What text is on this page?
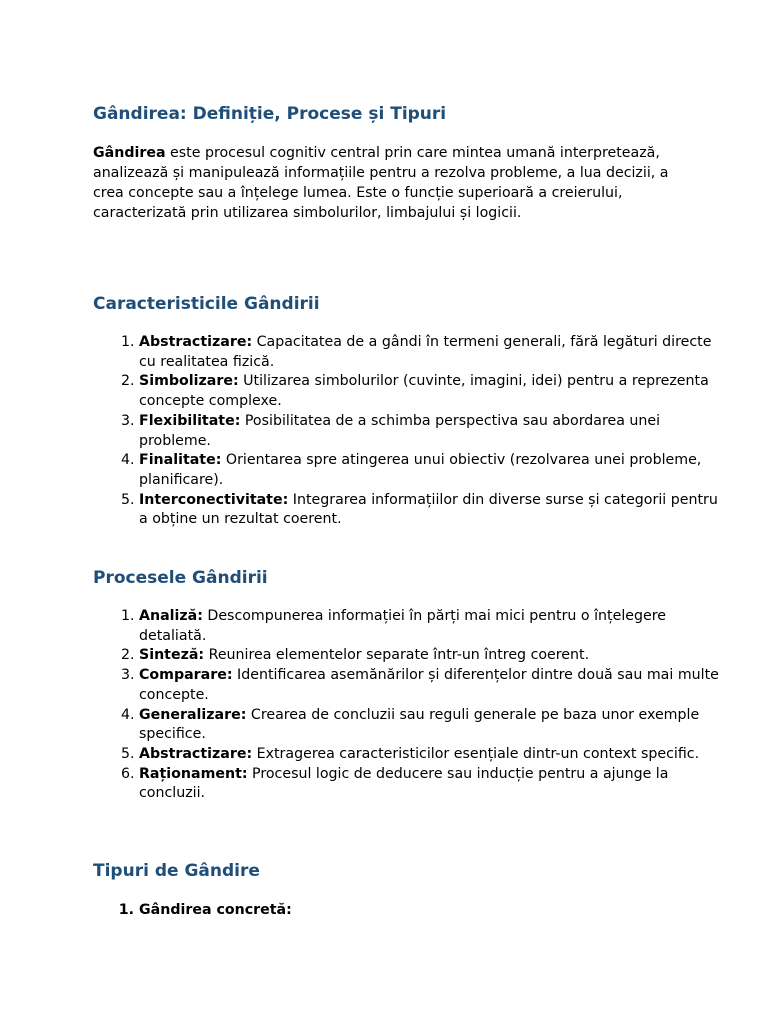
Gândirea: Definiție, Procese și Tipuri

Gândirea este procesul cognitiv central prin care mintea umană interpretează, analizează și manipulează informațiile pentru a rezolva probleme, a lua decizii, a crea concepte sau a înțelege lumea. Este o funcție superioară a creierului, caracterizată prin utilizarea simbolurilor, limbajului și logicii.

Caracteristicile Gândirii
1. Abstractizare: Capacitatea de a gândi în termeni generali, fără legături directe cu realitatea fizică.
2. Simbolizare: Utilizarea simbolurilor (cuvinte, imagini, idei) pentru a reprezenta concepte complexe.
3. Flexibilitate: Posibilitatea de a schimba perspectiva sau abordarea unei probleme.
4. Finalitate: Orientarea spre atingerea unui obiectiv (rezolvarea unei probleme, planificare).
5. Interconectivitate: Integrarea informațiilor din diverse surse și categorii pentru a obține un rezultat coerent.
Procesele Gândirii
1. Analiză: Descompunerea informației în părți mai mici pentru o înțelegere detaliată.
2. Sinteză: Reunirea elementelor separate într-un întreg coerent.
3. Comparare: Identificarea asemănărilor și diferențelor dintre două sau mai multe concepte.
4. Generalizare: Crearea de concluzii sau reguli generale pe baza unor exemple specifice.
5. Abstractizare: Extragerea caracteristicilor esențiale dintr-un context specific.
6. Raționament: Procesul logic de deducere sau inducție pentru a ajunge la concluzii.
Tipuri de Gândire
1. Gândirea concretă:
